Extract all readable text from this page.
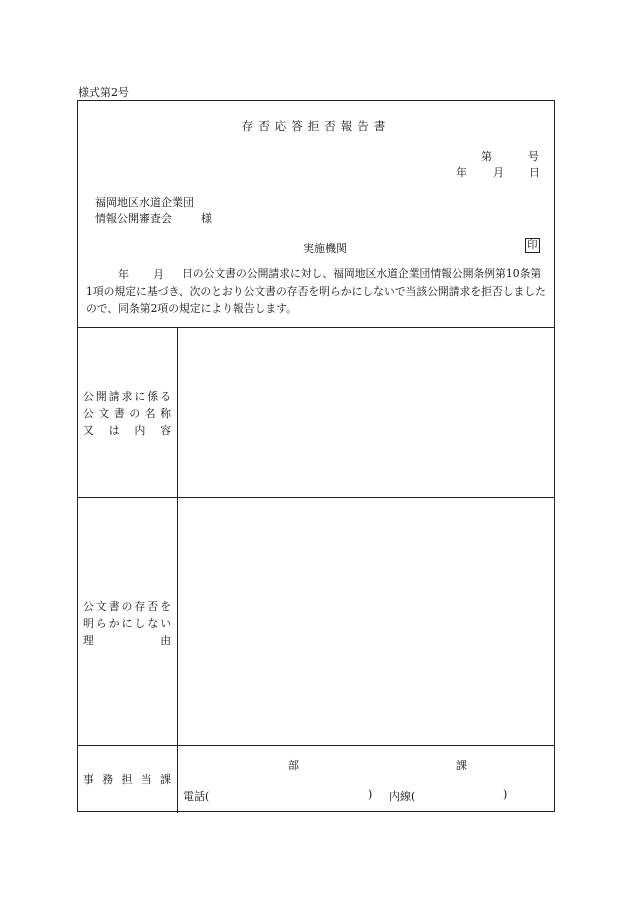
様式第2号
存否応答拒否報告書
第	号
年 月 日
福岡地区水道企業団
情報公開審査会	様
実施機関	印
年 月	日の公文書の公開請求に対し、福岡地区水道企業団情報公開条例第10条第1項の規定に基づき、次のとおり公文書の存否を明らかにしないで当該公開請求を拒否しましたので、同条第2項の規定により報告します。
公開請求に係る
公文書の名称
又は内容
公文書の存否を
明らかにしない
理由
事務担当課
部	課
電話(	) 内線(	)
